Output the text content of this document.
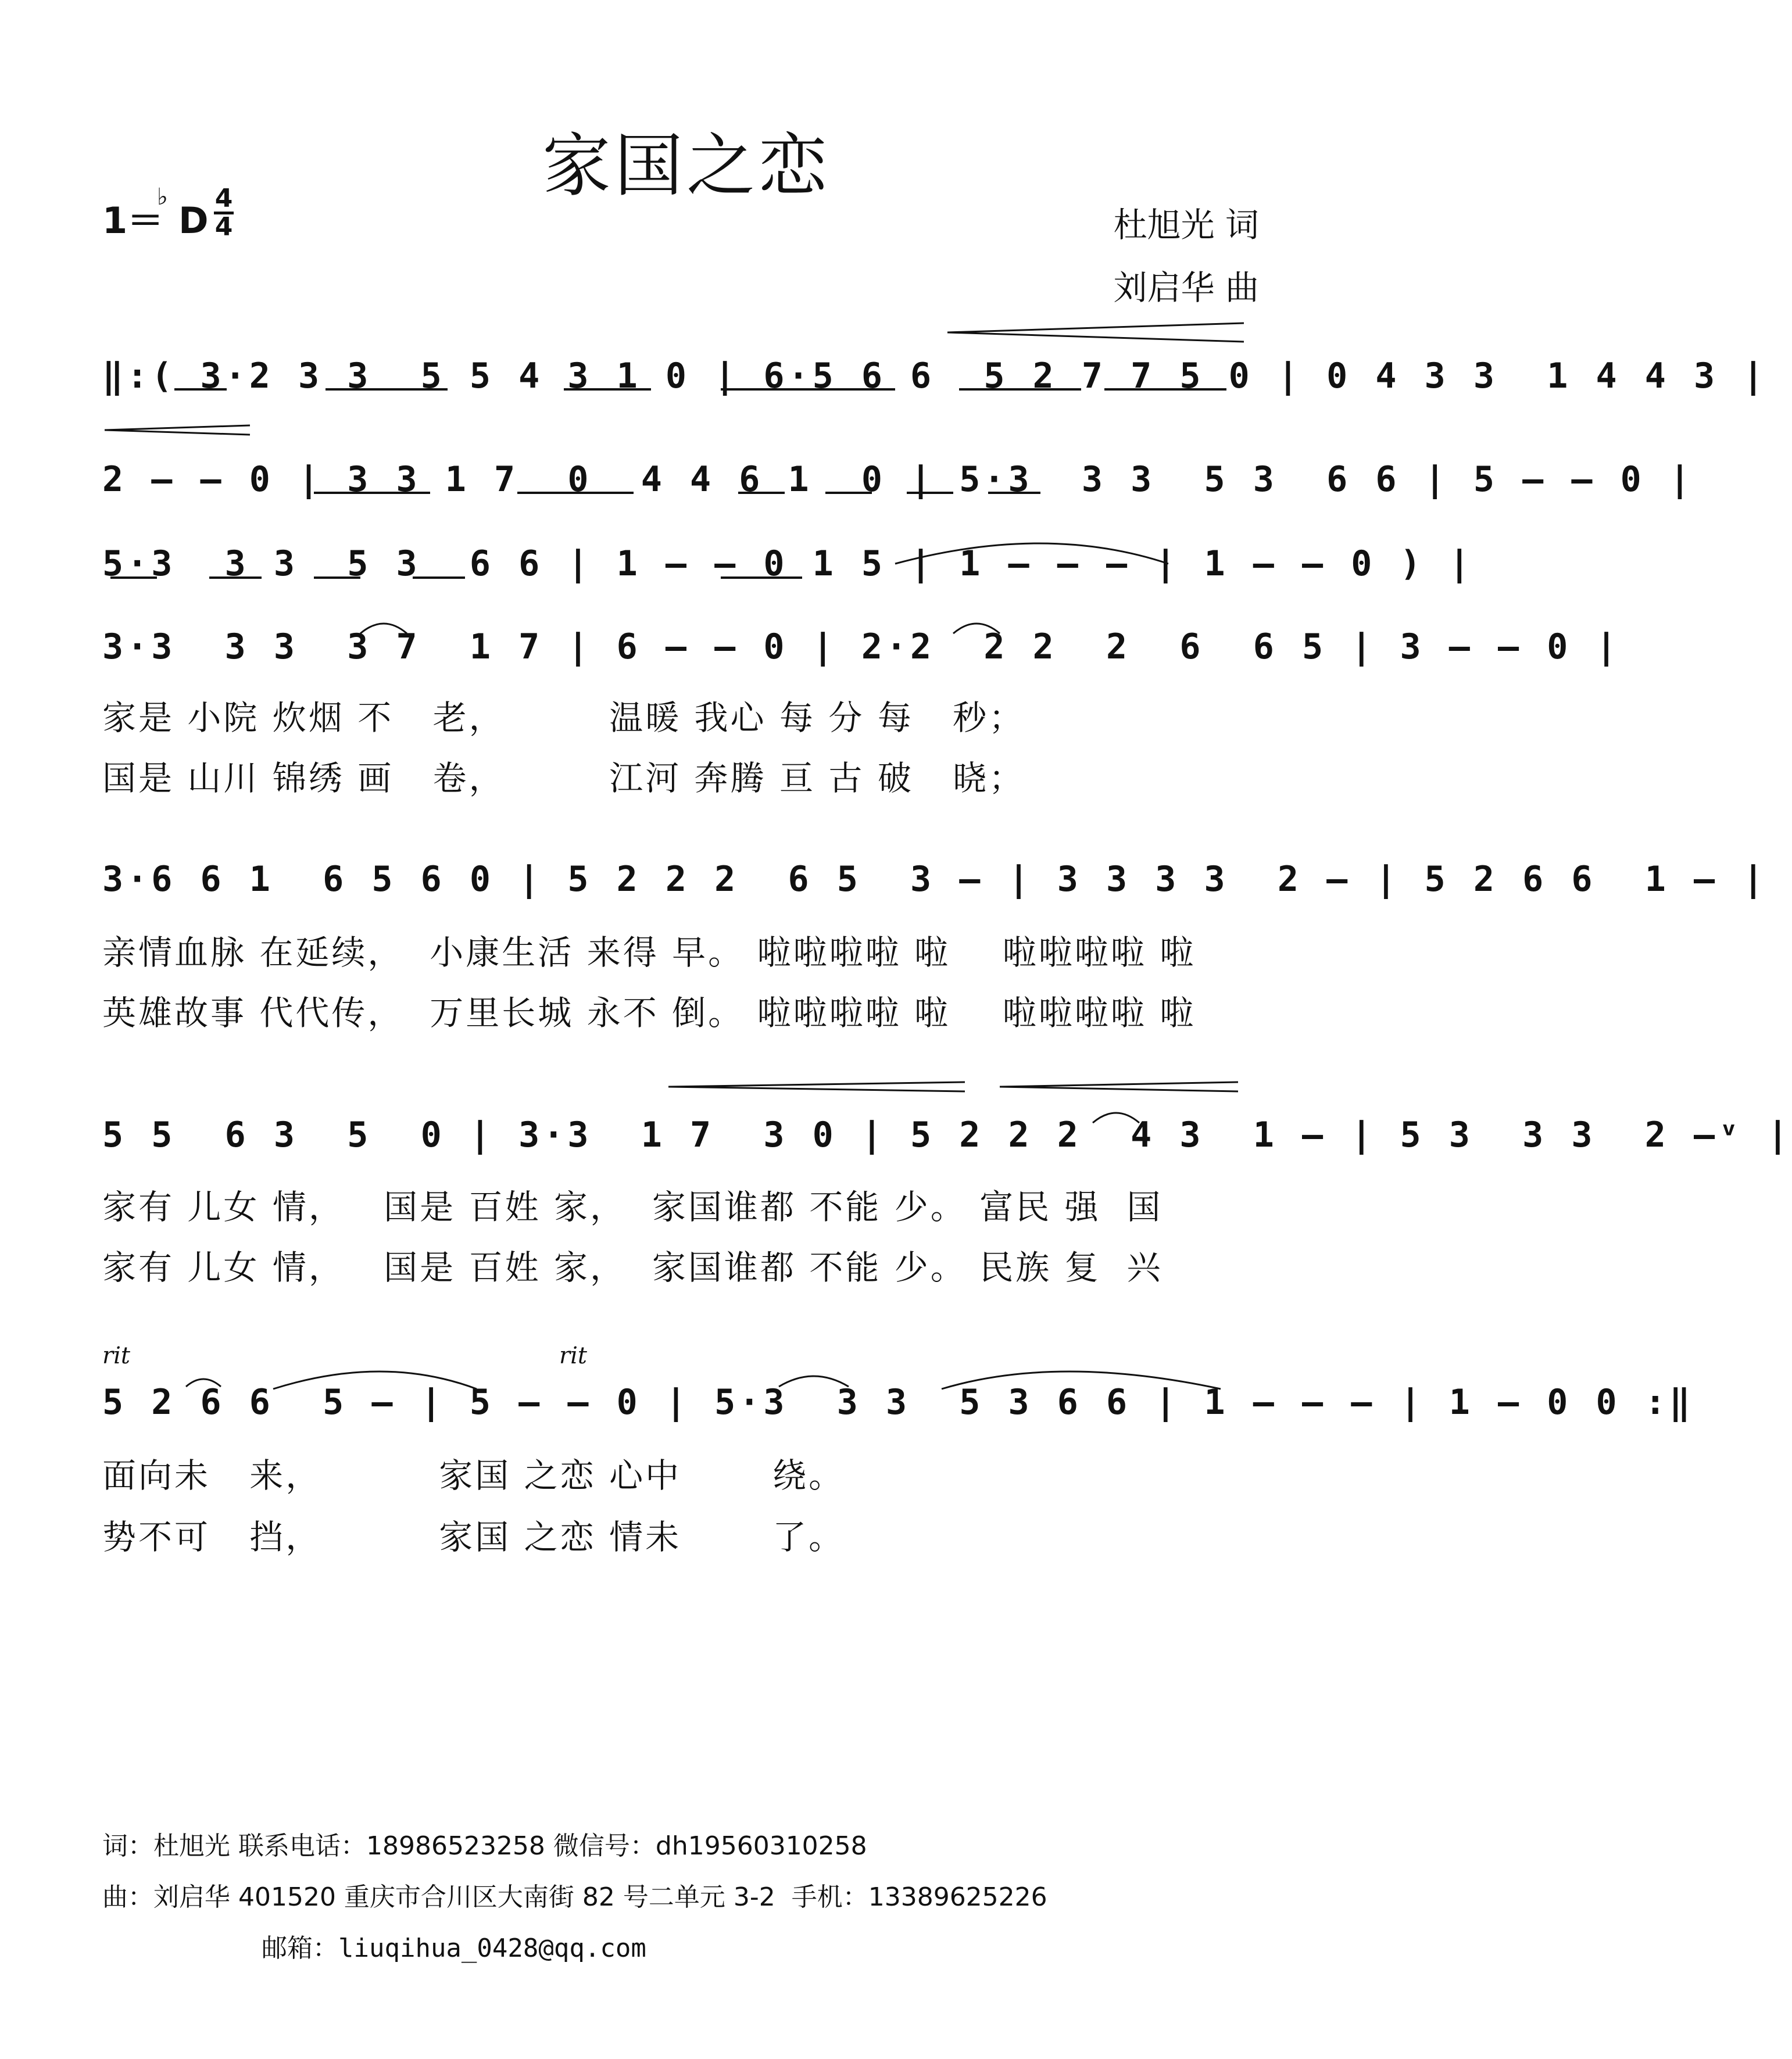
家国之恋
1＝ D
♭ 4
4	杜旭光 词
刘启华 曲
‖:( 3·2 3 3  5 5 4 3 1 0 | 6·5 6 6  5 2 7 7 5 0 | 0 4 3 3  1 4 4 3 |
2 – – 0 | 3 3 1 7  0  4 4 6 1  0 | 5·3  3 3  5 3  6 6 | 5 – – 0 |
5·3  3 3  5 3  6 6 | 1 – – 0 1 5 | 1 – – – | 1 – – 0 ) |
3·3  3 3  3 7  1 7 | 6 – – 0 | 2·2  2 2  2  6  6 5 | 3 – – 0 |
家是 小院 炊烟 不   老，        温暖 我心 每 分 每   秒；
国是 山川 锦绣 画   卷，        江河 奔腾 亘 古 破   晓；
3·6 6 1  6 5 6 0 | 5 2 2 2  6 5  3 – | 3 3 3 3  2 – | 5 2 6 6  1 – |
亲情血脉 在延续，  小康生活 来得 早。 啦啦啦啦 啦    啦啦啦啦 啦
英雄故事 代代传，  万里长城 永不 倒。 啦啦啦啦 啦    啦啦啦啦 啦
5 5  6 3  5  0 | 3·3  1 7  3 0 | 5 2 2 2  4 3  1 – | 5 3  3 3  2 –ᵛ |
家有 儿女 情，   国是 百姓 家，  家国谁都 不能 少。 富民 强  国
家有 儿女 情，   国是 百姓 家，  家国谁都 不能 少。 民族 复  兴
rit	rit
5 2 6 6  5 – | 5 – – 0 | 5·3  3 3  5 3 6 6 | 1 – – – | 1 – 0 0 :‖
面向未   来，         家国 之恋 心中       绕。
势不可   挡，         家国 之恋 情未       了。
词：杜旭光 联系电话：18986523258 微信号：dh19560310258
曲：刘启华 401520 重庆市合川区大南街 82 号二单元 3-2  手机：13389625226
邮箱：liuqihua_0428@qq.com
